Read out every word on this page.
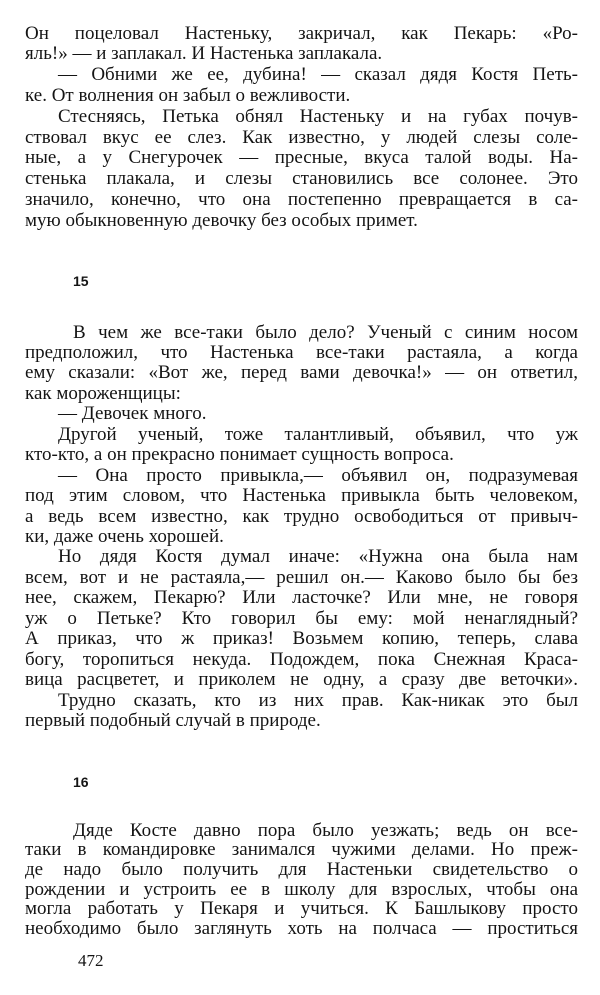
15
16
472
Он поцеловал Настеньку, закричал, как Пекарь: «Ро-
яль!» — и заплакал. И Настенька заплакала.
— Обними же ее, дубина! — сказал дядя Костя Петь-
ке. От волнения он забыл о вежливости.
Стесняясь, Петька обнял Настеньку и на губах почув-
ствовал вкус ее слез. Как известно, у людей слезы соле-
ные, а у Снегурочек — пресные, вкуса талой воды. На-
стенька плакала, и слезы становились все солонее. Это
значило, конечно, что она постепенно превращается в са-
мую обыкновенную девочку без особых примет.
В чем же все-таки было дело? Ученый с синим носом
предположил, что Настенька все-таки растаяла, а когда
ему сказали: «Вот же, перед вами девочка!» — он ответил,
как мороженщицы:
— Девочек много.
Другой ученый, тоже талантливый, объявил, что уж
кто-кто, а он прекрасно понимает сущность вопроса.
— Она просто привыкла,— объявил он, подразумевая
под этим словом, что Настенька привыкла быть человеком,
а ведь всем известно, как трудно освободиться от привыч-
ки, даже очень хорошей.
Но дядя Костя думал иначе: «Нужна она была нам
всем, вот и не растаяла,— решил он.— Каково было бы без
нее, скажем, Пекарю? Или ласточке? Или мне, не говоря
уж о Петьке? Кто говорил бы ему: мой ненаглядный?
А приказ, что ж приказ! Возьмем копию, теперь, слава
богу, торопиться некуда. Подождем, пока Снежная Краса-
вица расцветет, и приколем не одну, а сразу две веточки».
Трудно сказать, кто из них прав. Как-никак это был
первый подобный случай в природе.
Дяде Косте давно пора было уезжать; ведь он все-
таки в командировке занимался чужими делами. Но преж-
де надо было получить для Настеньки свидетельство о
рождении и устроить ее в школу для взрослых, чтобы она
могла работать у Пекаря и учиться. К Башлыкову просто
необходимо было заглянуть хоть на полчаса — проститься
